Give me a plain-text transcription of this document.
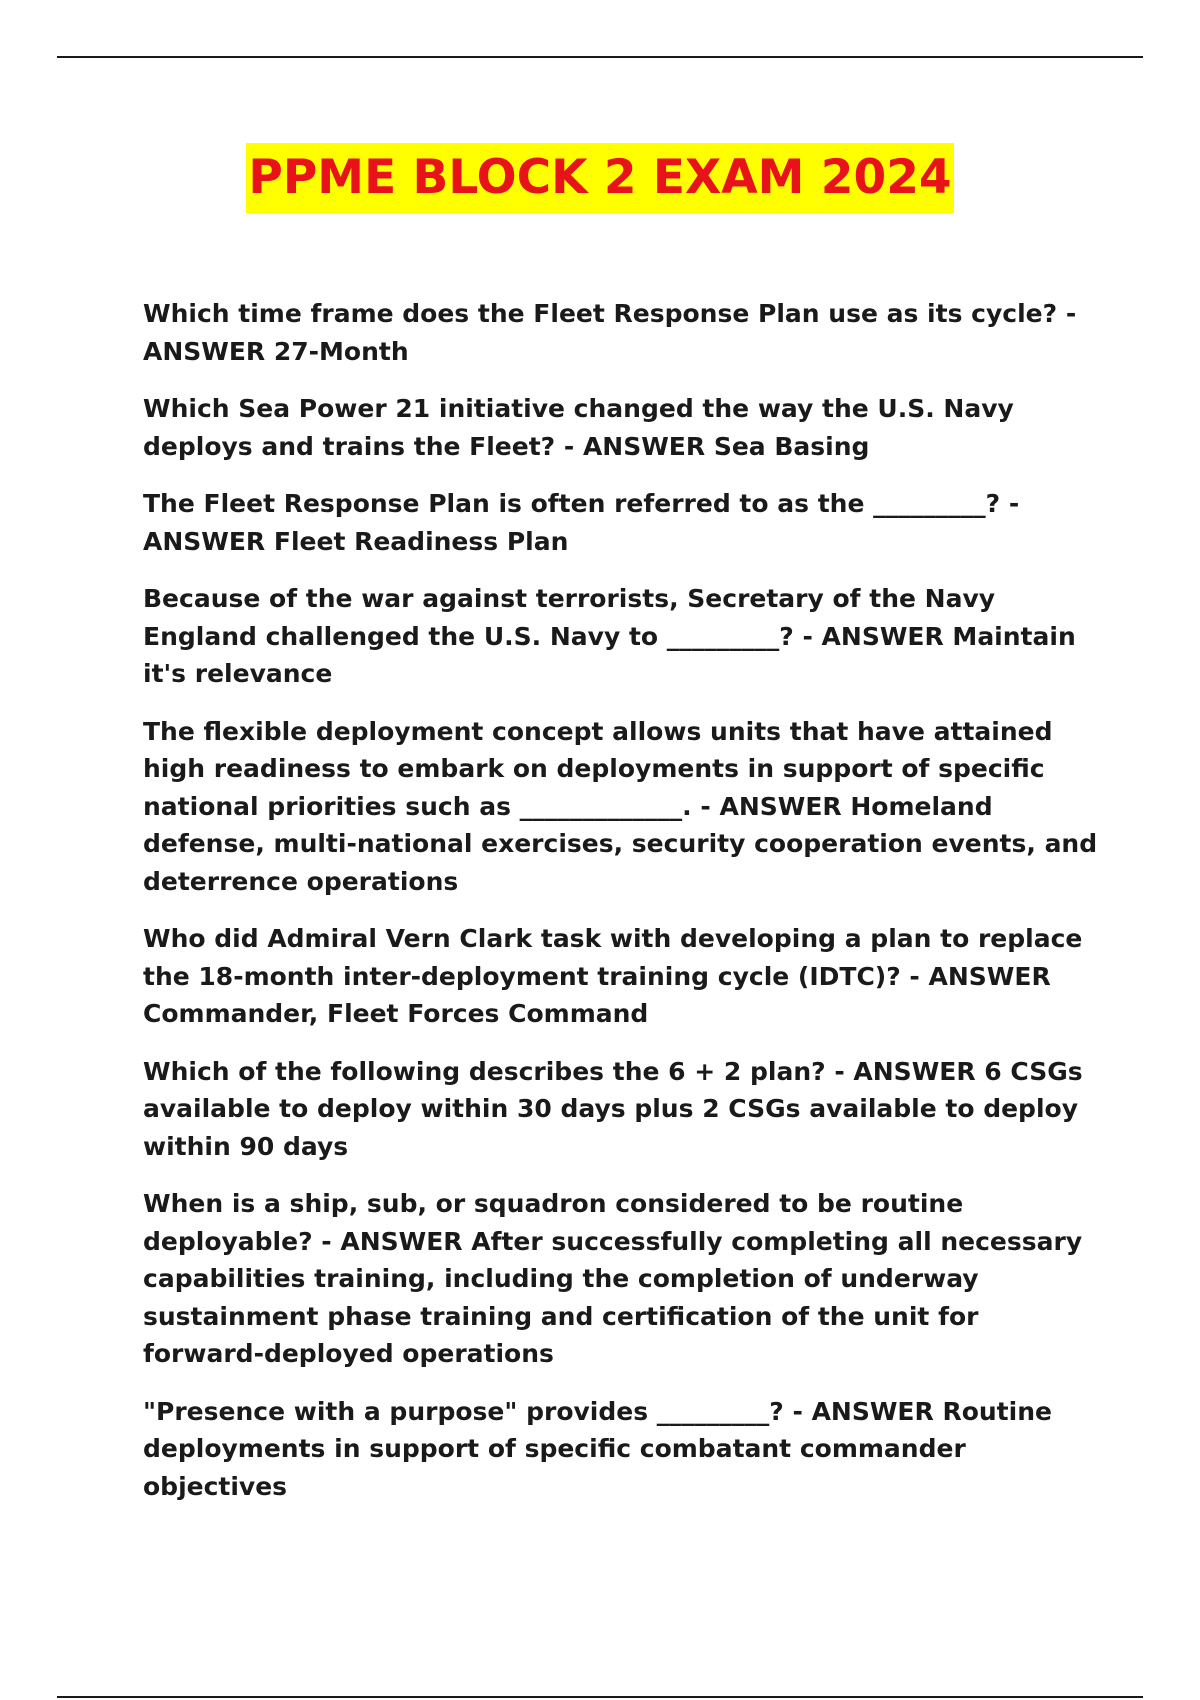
PPME BLOCK 2 EXAM 2024

Which time frame does the Fleet Response Plan use as its cycle? - ANSWER 27-Month

Which Sea Power 21 initiative changed the way the U.S. Navy deploys and trains the Fleet? - ANSWER Sea Basing

The Fleet Response Plan is often referred to as the _________? - ANSWER Fleet Readiness Plan

Because of the war against terrorists, Secretary of the Navy England challenged the U.S. Navy to _________? - ANSWER Maintain it's relevance

The flexible deployment concept allows units that have attained high readiness to embark on deployments in support of specific national priorities such as _____________. - ANSWER Homeland defense, multi-national exercises, security cooperation events, and deterrence operations

Who did Admiral Vern Clark task with developing a plan to replace the 18-month inter-deployment training cycle (IDTC)? - ANSWER Commander, Fleet Forces Command

Which of the following describes the 6 + 2 plan? - ANSWER 6 CSGs available to deploy within 30 days plus 2 CSGs available to deploy within 90 days

When is a ship, sub, or squadron considered to be routine deployable? - ANSWER After successfully completing all necessary capabilities training, including the completion of underway sustainment phase training and certification of the unit for forward-deployed operations

"Presence with a purpose" provides _________? - ANSWER Routine deployments in support of specific combatant commander objectives
